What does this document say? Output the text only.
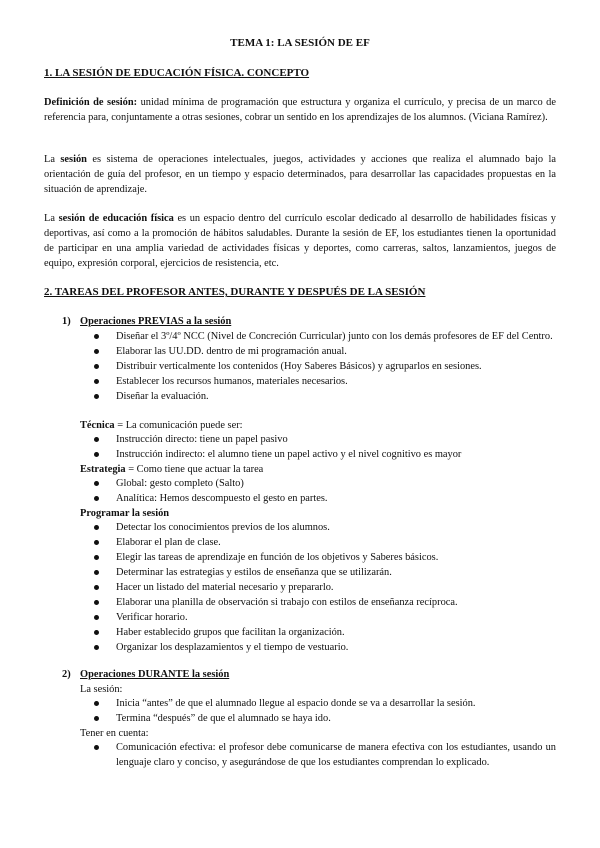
TEMA 1: LA SESIÓN DE EF
1. LA SESIÓN DE EDUCACIÓN FÍSICA. CONCEPTO

Definición de sesión: unidad mínima de programación que estructura y organiza el currículo, y precisa de un marco de referencia para, conjuntamente a otras sesiones, cobrar un sentido en los aprendizajes de los alumnos. (Viciana Ramírez).

La sesión es sistema de operaciones intelectuales, juegos, actividades y acciones que realiza el alumnado bajo la orientación de guía del profesor, en un tiempo y espacio determinados, para desarrollar las capacidades propuestas en la situación de aprendizaje.

La sesión de educación física es un espacio dentro del currículo escolar dedicado al desarrollo de habilidades físicas y deportivas, así como a la promoción de hábitos saludables. Durante la sesión de EF, los estudiantes tienen la oportunidad de participar en una amplia variedad de actividades físicas y deportes, como carreras, saltos, lanzamientos, juegos de equipo, expresión corporal, ejercicios de resistencia, etc.

2. TAREAS DEL PROFESOR ANTES, DURANTE Y DESPUÉS DE LA SESIÓN
1) Operaciones PREVIAS a la sesión
Diseñar el 3º/4º NCC (Nivel de Concreción Curricular) junto con los demás profesores de EF del Centro.
Elaborar las UU.DD. dentro de mi programación anual.
Distribuir verticalmente los contenidos (Hoy Saberes Básicos) y agruparlos en sesiones.
Establecer los recursos humanos, materiales necesarios.
Diseñar la evaluación.
Técnica = La comunicación puede ser:
Instrucción directo: tiene un papel pasivo
Instrucción indirecto: el alumno tiene un papel activo y el nivel cognitivo es mayor
Estrategia = Como tiene que actuar la tarea
Global: gesto completo (Salto)
Analítica: Hemos descompuesto el gesto en partes.
Programar la sesión
Detectar los conocimientos previos de los alumnos.
Elaborar el plan de clase.
Elegir las tareas de aprendizaje en función de los objetivos y Saberes básicos.
Determinar las estrategias y estilos de enseñanza que se utilizarán.
Hacer un listado del material necesario y prepararlo.
Elaborar una planilla de observación si trabajo con estilos de enseñanza recíproca.
Verificar horario.
Haber establecido grupos que facilitan la organización.
Organizar los desplazamientos y el tiempo de vestuario.
2) Operaciones DURANTE la sesión
La sesión:
Inicia “antes” de que el alumnado llegue al espacio donde se va a desarrollar la sesión.
Termina “después” de que el alumnado se haya ido.
Tener en cuenta:
Comunicación efectiva: el profesor debe comunicarse de manera efectiva con los estudiantes, usando un lenguaje claro y conciso, y asegurándose de que los estudiantes comprendan lo explicado.
